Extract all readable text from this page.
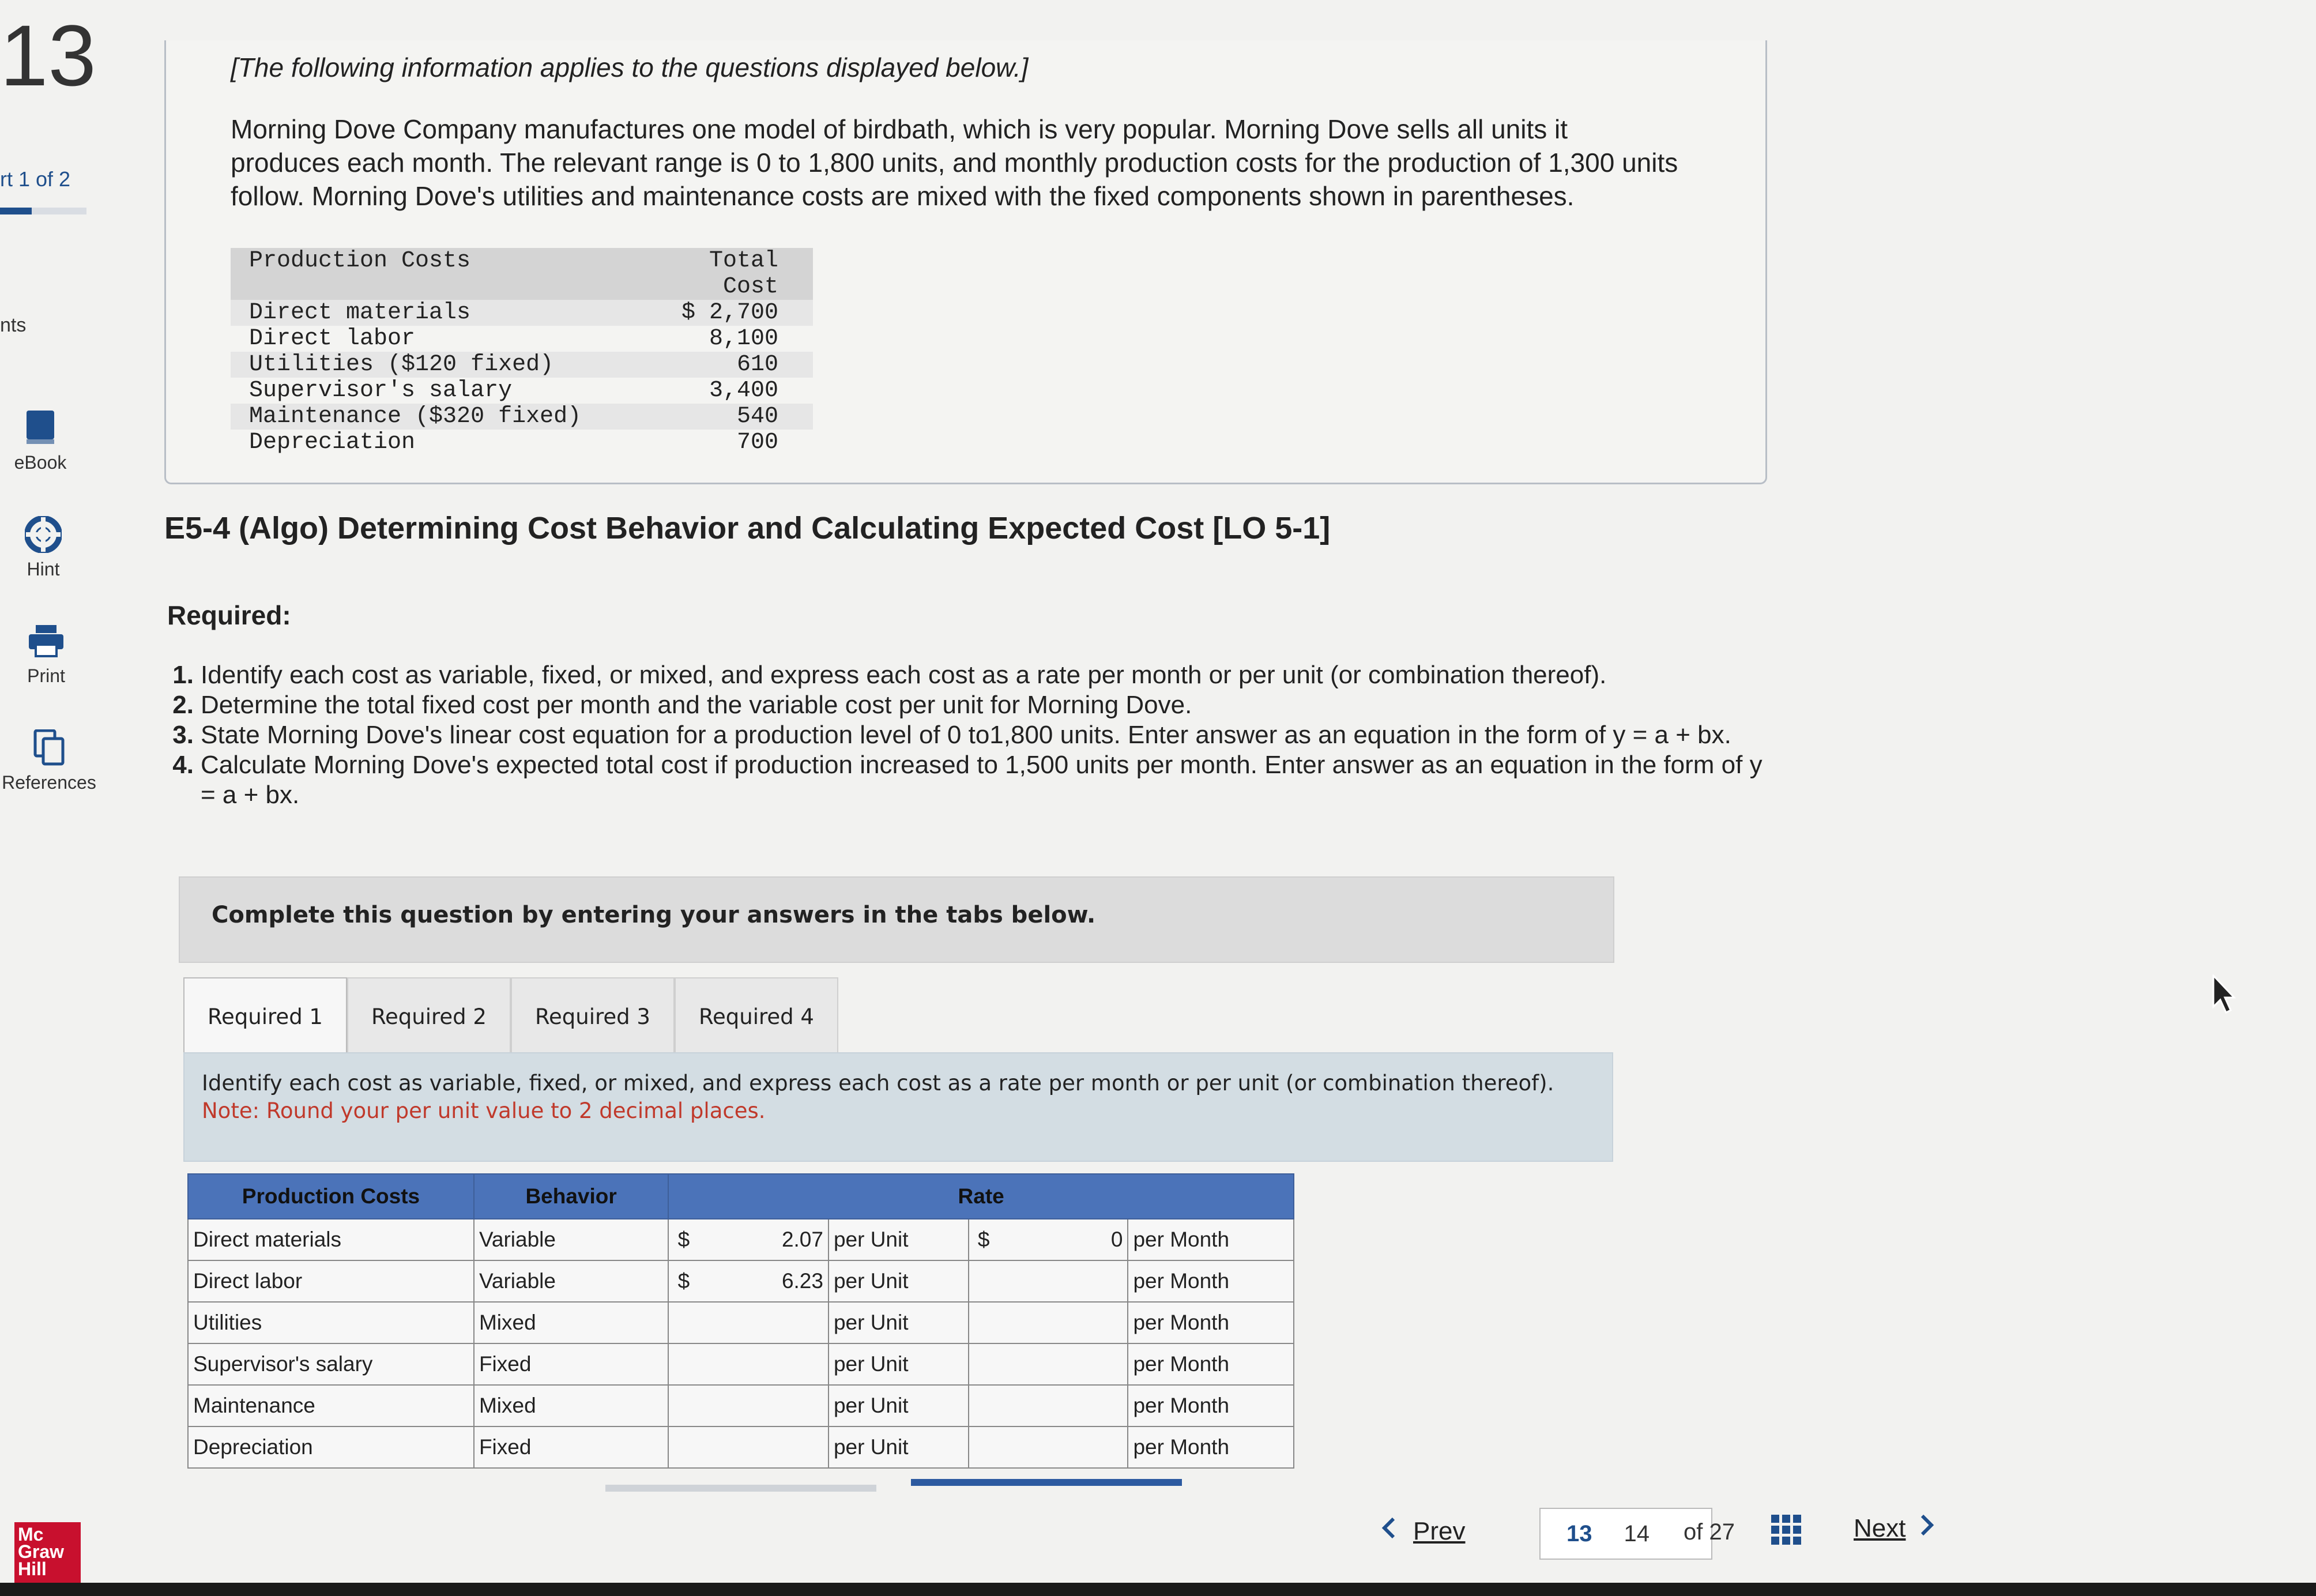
13
rt 1 of 2
nts
eBook
Hint
Print
References
Mc Graw Hill
[The following information applies to the questions displayed below.]
Morning Dove Company manufactures one model of birdbath, which is very popular. Morning Dove sells all units it produces each month. The relevant range is 0 to 1,800 units, and monthly production costs for the production of 1,300 units follow. Morning Dove's utilities and maintenance costs are mixed with the fixed components shown in parentheses.
Production Costs	Total Cost
Direct materials	$ 2,700
Direct labor	8,100
Utilities ($120 fixed)	610
Supervisor's salary	3,400
Maintenance ($320 fixed)	540
Depreciation	700
E5-4 (Algo) Determining Cost Behavior and Calculating Expected Cost [LO 5-1]
Required:
1. Identify each cost as variable, fixed, or mixed, and express each cost as a rate per month or per unit (or combination thereof).
2. Determine the total fixed cost per month and the variable cost per unit for Morning Dove.
3. State Morning Dove's linear cost equation for a production level of 0 to1,800 units. Enter answer as an equation in the form of y = a + bx.
4. Calculate Morning Dove's expected total cost if production increased to 1,500 units per month. Enter answer as an equation in the form of y = a + bx.
Complete this question by entering your answers in the tabs below.
Required 1	Required 2	Required 3	Required 4
Identify each cost as variable, fixed, or mixed, and express each cost as a rate per month or per unit (or combination thereof).
Note: Round your per unit value to 2 decimal places.
Production Costs	Behavior	Rate					
Direct materials	Variable	$	2.07	per Unit	$	0	per Month
Direct labor	Variable	$	6.23	per Unit			per Month
Utilities	Mixed			per Unit			per Month
Supervisor's salary	Fixed			per Unit			per Month
Maintenance	Mixed			per Unit			per Month
Depreciation	Fixed			per Unit			per Month
Prev	13 14 of 27	Next
